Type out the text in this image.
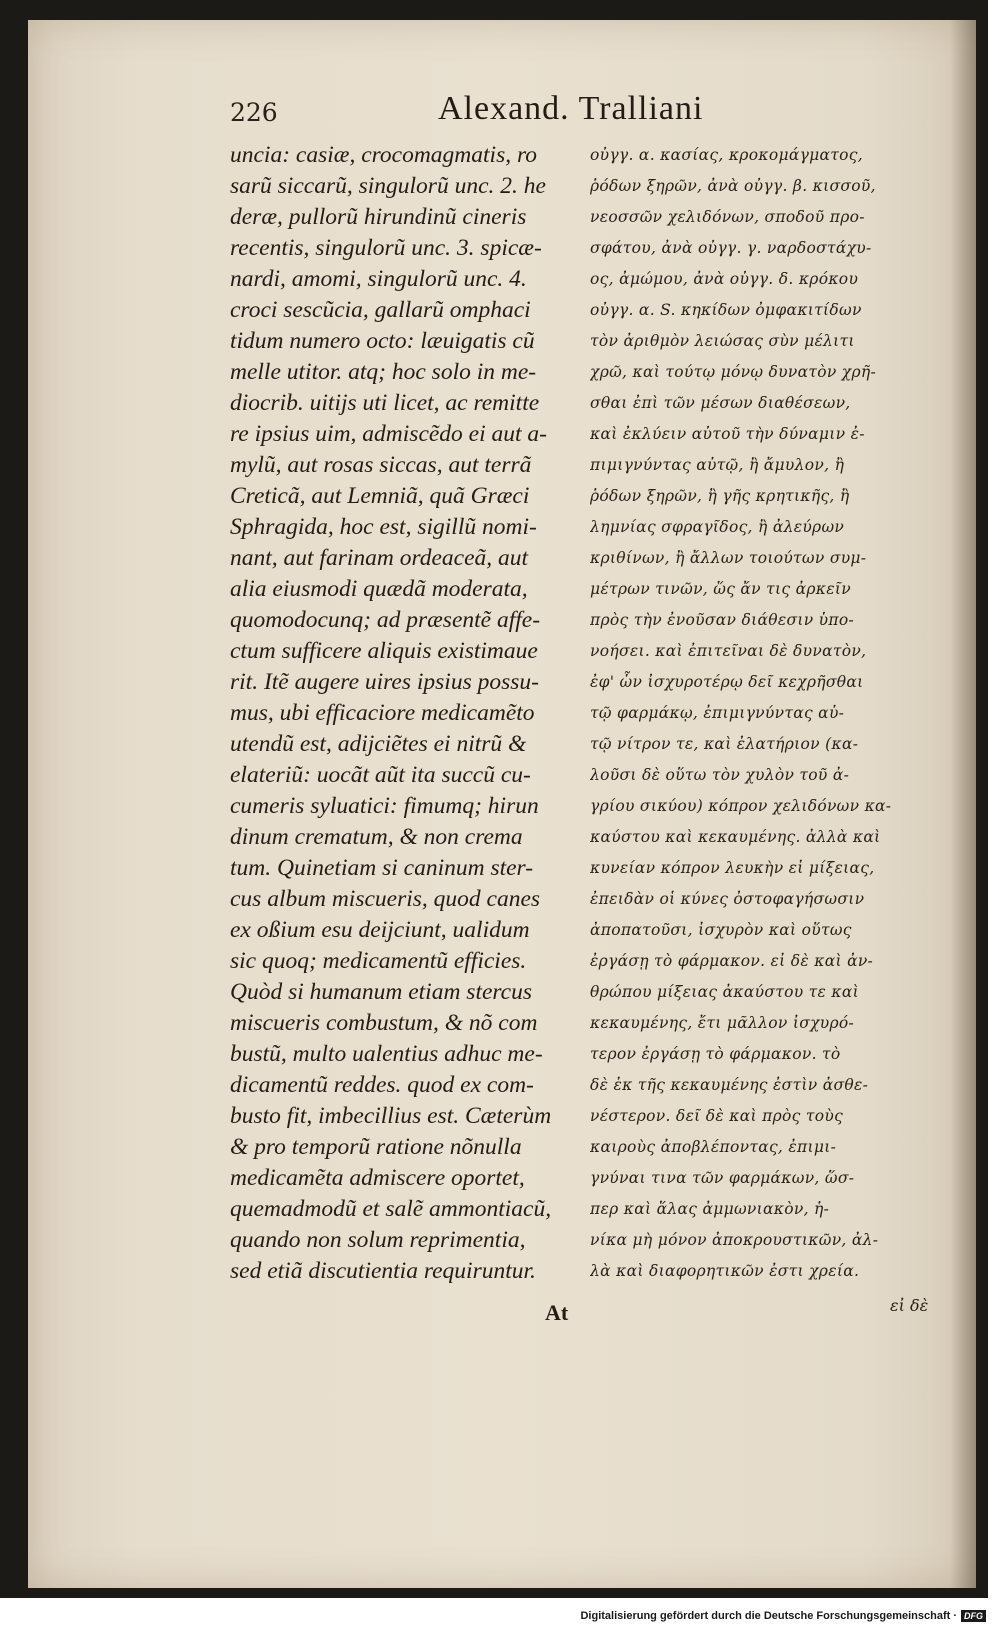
226	Alexand. Tralliani
uncia: casiæ, crocomagmatis, ro
sarũ siccarũ, singulorũ unc. 2. he
deræ, pullorũ hirundinũ cineris
recentis, singulorũ unc. 3. spicæ-
nardi, amomi, singulorũ unc. 4.
croci sescũcia, gallarũ omphaci
tidum numero octo: læuigatis cũ
melle utitor. atq; hoc solo in me-
diocrib. uitijs uti licet, ac remitte
re ipsius uim, admiscẽdo ei aut a-
mylũ, aut rosas siccas, aut terrã
Creticã, aut Lemniã, quã Græci
Sphragida, hoc est, sigillũ nomi-
nant, aut farinam ordeaceã, aut
alia eiusmodi quædã moderata,
quomodocunq; ad præsentẽ affe-
ctum sufficere aliquis existimaue
rit. Itẽ augere uires ipsius possu-
mus, ubi efficaciore medicamẽto
utendũ est, adijciẽtes ei nitrũ &
elateriũ: uocãt aũt ita succũ cu-
cumeris syluatici: fimumq; hirun
dinum crematum, & non crema
tum. Quinetiam si caninum ster-
cus album miscueris, quod canes
ex oßium esu deijciunt, ualidum
sic quoq; medicamentũ efficies.
Quòd si humanum etiam stercus
miscueris combustum, & nõ com
bustũ, multo ualentius adhuc me-
dicamentũ reddes. quod ex com-
busto fit, imbecillius est. Cæterùm
& pro temporũ ratione nõnulla
medicamẽta admiscere oportet,
quemadmodũ et salẽ ammontiacũ,
quando non solum reprimentia,
sed etiã discutientia requiruntur.
οὐγγ. α. κασίας, κροκομάγματος,
ῥόδων ξηρῶν, ἀνὰ οὐγγ. β. κισσοῦ,
νεοσσῶν χελιδόνων, σποδοῦ προ-
σφάτου, ἀνὰ οὐγγ. γ. ναρδοστάχυ-
ος, ἀμώμου, ἀνὰ οὐγγ. δ. κρόκου
οὐγγ. α. S. κηκίδων ὀμφακιτίδων
τὸν ἀριθμὸν λειώσας σὺν μέλιτι
χρῶ, καὶ τούτῳ μόνῳ δυνατὸν χρῆ-
σθαι ἐπὶ τῶν μέσων διαθέσεων,
καὶ ἐκλύειν αὐτοῦ τὴν δύναμιν ἐ-
πιμιγνύντας αὐτῷ, ἢ ἄμυλον, ἢ
ῥόδων ξηρῶν, ἢ γῆς κρητικῆς, ἢ
λημνίας σφραγῖδος, ἢ ἀλεύρων
κριθίνων, ἢ ἄλλων τοιούτων συμ-
μέτρων τινῶν, ὥς ἄν τις ἀρκεῖν
πρὸς τὴν ἐνοῦσαν διάθεσιν ὑπο-
νοήσει. καὶ ἐπιτεῖναι δὲ δυνατὸν,
ἐφ' ὧν ἰσχυροτέρῳ δεῖ κεχρῆσθαι
τῷ φαρμάκῳ, ἐπιμιγνύντας αὐ-
τῷ νίτρον τε, καὶ ἐλατήριον (κα-
λοῦσι δὲ οὕτω τὸν χυλὸν τοῦ ἀ-
γρίου σικύου) κόπρον χελιδόνων κα-
καύστου καὶ κεκαυμένης. ἀλλὰ καὶ
κυνείαν κόπρον λευκὴν εἰ μίξειας,
ἐπειδὰν οἱ κύνες ὀστοφαγήσωσιν
ἀποπατοῦσι, ἰσχυρὸν καὶ οὕτως
ἐργάσῃ τὸ φάρμακον. εἰ δὲ καὶ ἀν-
θρώπου μίξειας ἀκαύστου τε καὶ
κεκαυμένης, ἔτι μᾶλλον ἰσχυρό-
τερον ἐργάσῃ τὸ φάρμακον. τὸ
δὲ ἐκ τῆς κεκαυμένης ἐστὶν ἀσθε-
νέστερον. δεῖ δὲ καὶ πρὸς τοὺς
καιροὺς ἀποβλέποντας, ἐπιμι-
γνύναι τινα τῶν φαρμάκων, ὥσ-
περ καὶ ἅλας ἀμμωνιακὸν, ἡ-
νίκα μὴ μόνον ἀποκρουστικῶν, ἀλ-
λὰ καὶ διαφορητικῶν ἐστι χρεία.
At	εἰ δὲ
Digitalisierung gefördert durch die Deutsche Forschungsgemeinschaft · DFG
